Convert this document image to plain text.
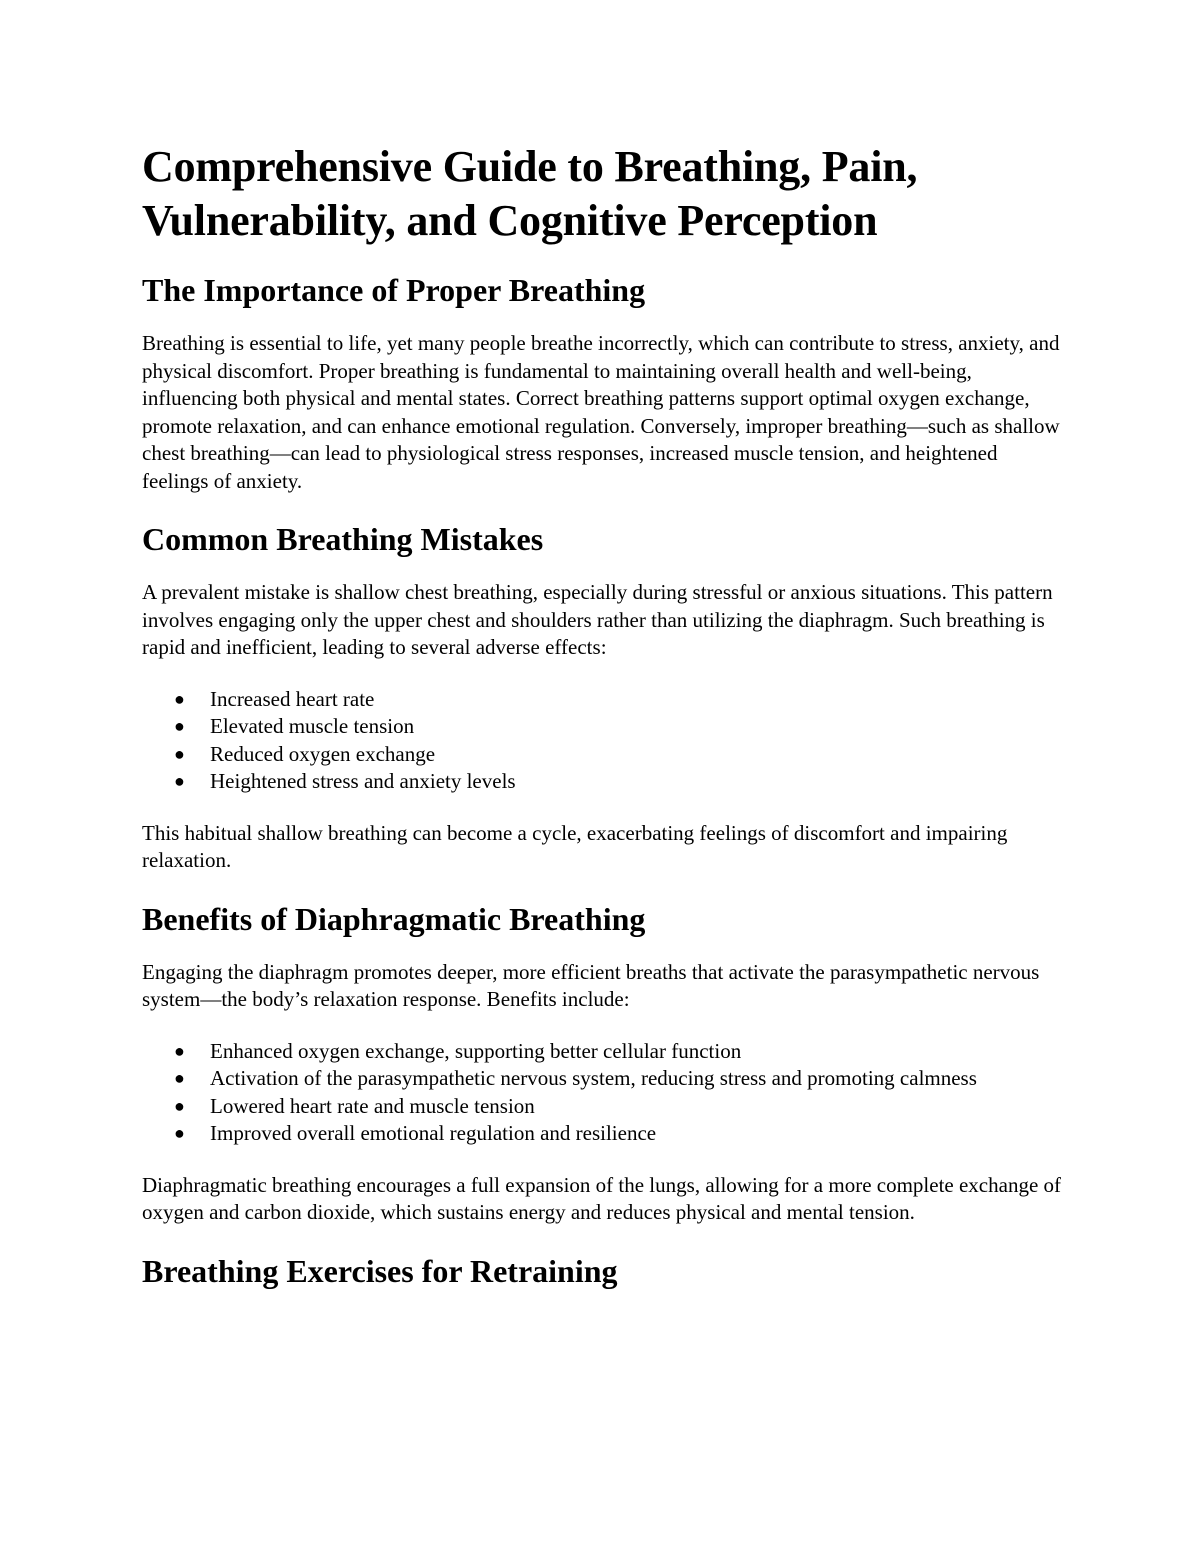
Comprehensive Guide to Breathing, Pain, Vulnerability, and Cognitive Perception
The Importance of Proper Breathing

Breathing is essential to life, yet many people breathe incorrectly, which can contribute to stress, anxiety, and physical discomfort. Proper breathing is fundamental to maintaining overall health and well-being, influencing both physical and mental states. Correct breathing patterns support optimal oxygen exchange, promote relaxation, and can enhance emotional regulation. Conversely, improper breathing—such as shallow chest breathing—can lead to physiological stress responses, increased muscle tension, and heightened feelings of anxiety.

Common Breathing Mistakes

A prevalent mistake is shallow chest breathing, especially during stressful or anxious situations. This pattern involves engaging only the upper chest and shoulders rather than utilizing the diaphragm. Such breathing is rapid and inefficient, leading to several adverse effects:

● Increased heart rate
● Elevated muscle tension
● Reduced oxygen exchange
● Heightened stress and anxiety levels

This habitual shallow breathing can become a cycle, exacerbating feelings of discomfort and impairing relaxation.

Benefits of Diaphragmatic Breathing

Engaging the diaphragm promotes deeper, more efficient breaths that activate the parasympathetic nervous system—the body’s relaxation response. Benefits include:

● Enhanced oxygen exchange, supporting better cellular function
● Activation of the parasympathetic nervous system, reducing stress and promoting calmness
● Lowered heart rate and muscle tension
● Improved overall emotional regulation and resilience

Diaphragmatic breathing encourages a full expansion of the lungs, allowing for a more complete exchange of oxygen and carbon dioxide, which sustains energy and reduces physical and mental tension.

Breathing Exercises for Retraining
